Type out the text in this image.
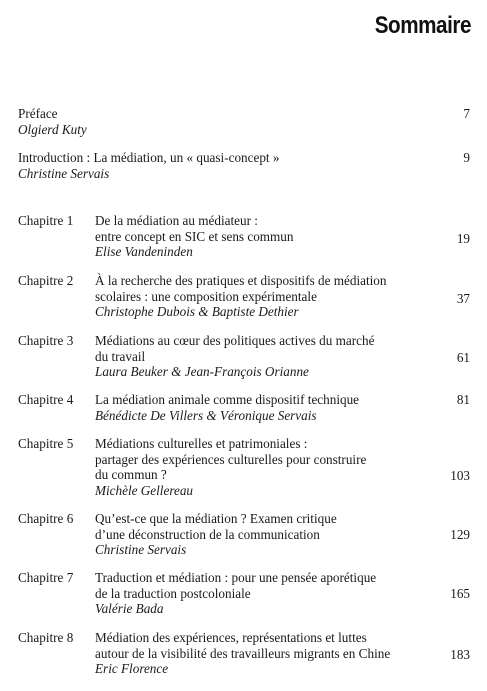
Sommaire
Préface
Olgierd Kuty
7
Introduction : La médiation, un « quasi-concept »
Christine Servais
9
Chapitre 1	De la médiation au médiateur :
entre concept en SIC et sens commun
Elise Vandeninden
19
Chapitre 2	À la recherche des pratiques et dispositifs de médiation
scolaires : une composition expérimentale
Christophe Dubois & Baptiste Dethier
37
Chapitre 3	Médiations au cœur des politiques actives du marché
du travail
Laura Beuker & Jean-François Orianne
61
Chapitre 4	La médiation animale comme dispositif technique
Bénédicte De Villers & Véronique Servais
81
Chapitre 5	Médiations culturelles et patrimoniales :
partager des expériences culturelles pour construire
du commun ?
Michèle Gellereau
103
Chapitre 6	Qu’est-ce que la médiation ? Examen critique
d’une déconstruction de la communication
Christine Servais
129
Chapitre 7	Traduction et médiation : pour une pensée aporétique
de la traduction postcoloniale
Valérie Bada
165
Chapitre 8	Médiation des expériences, représentations et luttes
autour de la visibilité des travailleurs migrants en Chine
Eric Florence
183
